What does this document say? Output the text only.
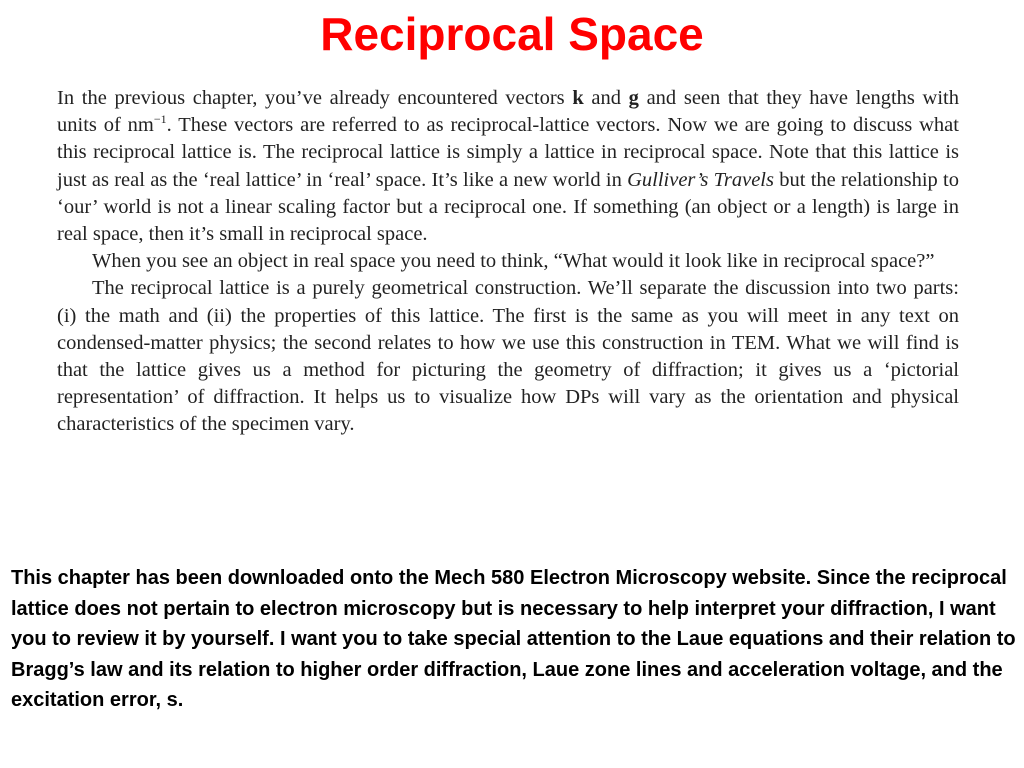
Reciprocal Space

In the previous chapter, you’ve already encountered vectors k and g and seen that they have lengths with units of $nm^{-1}$. These vectors are referred to as reciprocal-lattice vectors. Now we are going to discuss what this reciprocal lattice is. The reciprocal lattice is simply a lattice in reciprocal space. Note that this lattice is just as real as the ‘real lattice’ in ‘real’ space. It’s like a new world in Gulliver’s Travels but the relationship to ‘our’ world is not a linear scaling factor but a reciprocal one. If something (an object or a length) is large in real space, then it’s small in reciprocal space.

When you see an object in real space you need to think, “What would it look like in reciprocal space?”

The reciprocal lattice is a purely geometrical construction. We’ll separate the discussion into two parts: (i) the math and (ii) the properties of this lattice. The first is the same as you will meet in any text on condensed-matter physics; the second relates to how we use this construction in TEM. What we will find is that the lattice gives us a method for picturing the geometry of diffraction; it gives us a ‘pictorial representation’ of diffraction. It helps us to visualize how DPs will vary as the orientation and physical characteristics of the specimen vary.

This chapter has been downloaded onto the Mech 580 Electron Microscopy website. Since the reciprocal lattice does not pertain to electron microscopy but is necessary to help interpret your diffraction, I want you to review it by yourself. I want you to take special attention to the Laue equations and their relation to Bragg’s law and its relation to higher order diffraction, Laue zone lines and acceleration voltage, and the excitation error, s.
